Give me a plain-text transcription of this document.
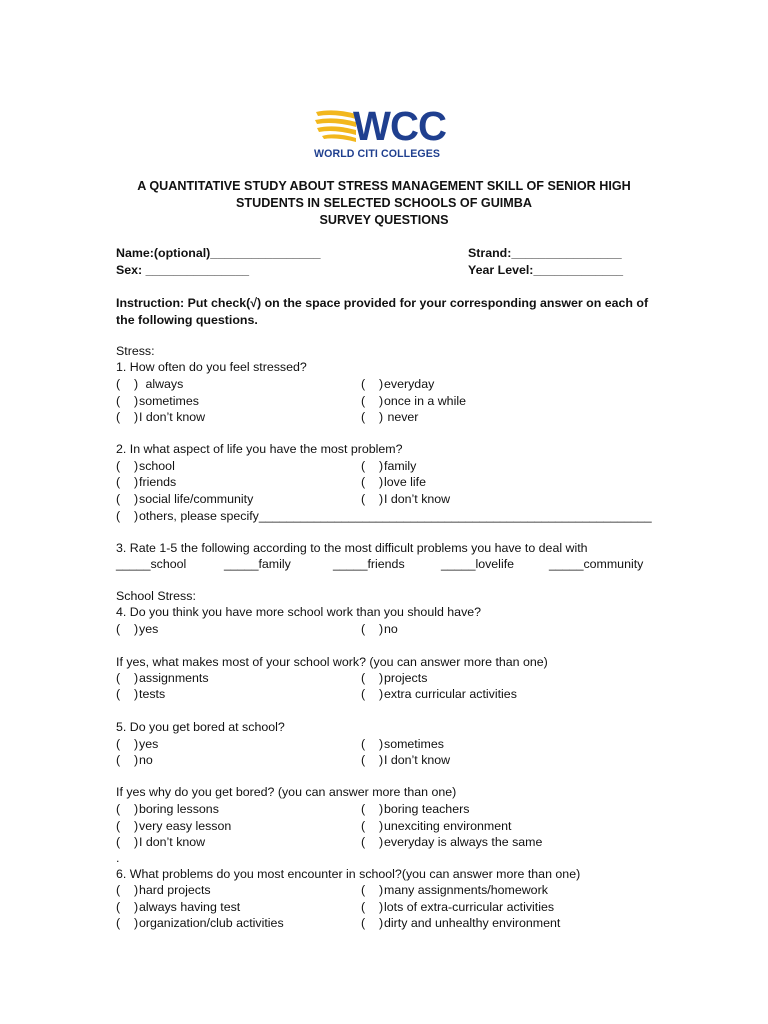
WCC
WORLD CITI COLLEGES
A QUANTITATIVE STUDY ABOUT STRESS MANAGEMENT SKILL OF SENIOR HIGH
STUDENTS IN SELECTED SCHOOLS OF GUIMBA
SURVEY QUESTIONS
Name:(optional)________________	Strand:________________
Sex: _______________	Year Level:_____________
Instruction: Put check(√) on the space provided for your corresponding answer on each of
the following questions.
Stress:
1. How often do you feel stressed?
( ) always
( )sometimes
( )I don’t know
( )everyday
( )once in a while
( ) never
2. In what aspect of life you have the most problem?
( )school
( )friends
( )social life/community
( )others, please specify_________________________________________________________
( )family
( )love life
( )I don’t know
3. Rate 1-5 the following according to the most difficult problems you have to deal with
_____school	_____family	_____friends	_____lovelife	_____community
School Stress:
4. Do you think you have more school work than you should have?
( )yes	( )no
If yes, what makes most of your school work? (you can answer more than one)
( )assignments
( )tests
( )projects
( )extra curricular activities
5. Do you get bored at school?
( )yes
( )no
( )sometimes
( )I don’t know
If yes why do you get bored? (you can answer more than one)
( )boring lessons
( )very easy lesson
( )I don’t know
( )boring teachers
( )unexciting environment
( )everyday is always the same
.
6. What problems do you most encounter in school?(you can answer more than one)
( )hard projects
( )always having test
( )organization/club activities
( )many assignments/homework
( )lots of extra-curricular activities
( )dirty and unhealthy environment
